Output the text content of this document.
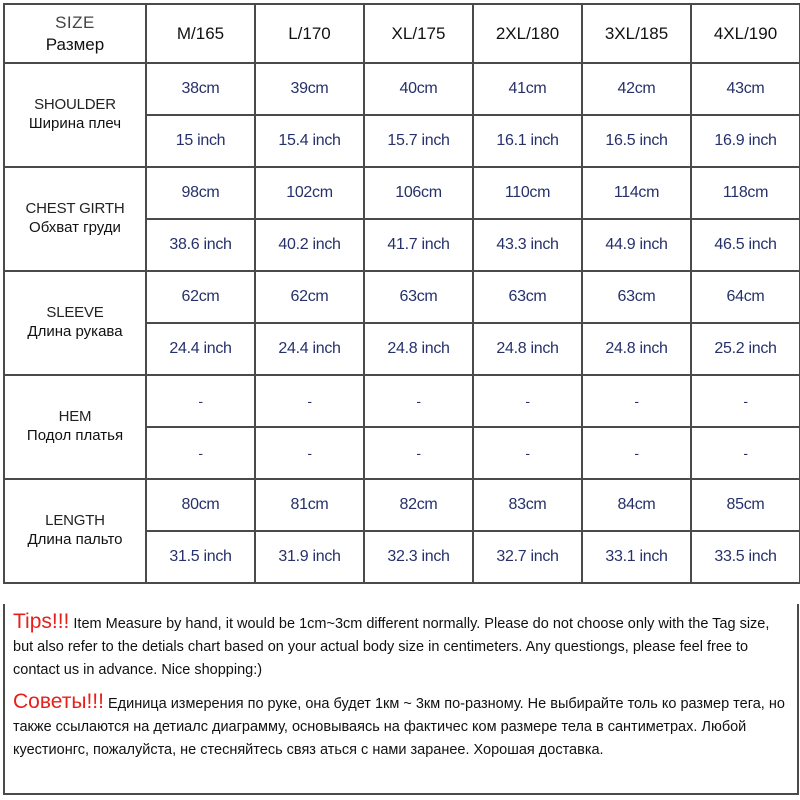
SIZE
Размер	M/165	L/170	XL/175	2XL/180	3XL/185	4XL/190

SHOULDER
Ширина плеч	38cm	39cm	40cm	41cm	42cm	43cm
	15 inch	15.4 inch	15.7 inch	16.1 inch	16.5 inch	16.9 inch

CHEST GIRTH
Обхват груди	98cm	102cm	106cm	110cm	114cm	118cm
	38.6 inch	40.2 inch	41.7 inch	43.3 inch	44.9 inch	46.5 inch

SLEEVE
Длина рукава	62cm	62cm	63cm	63cm	63cm	64cm
	24.4 inch	24.4 inch	24.8 inch	24.8 inch	24.8 inch	25.2 inch

HEM
Подол платья	-	-	-	-	-	-
	-	-	-	-	-	-

LENGTH
Длина пальто	80cm	81cm	82cm	83cm	84cm	85cm
	31.5 inch	31.9 inch	32.3 inch	32.7 inch	33.1 inch	33.5 inch
Tips!!! Item Measure by hand, it would be 1cm~3cm different normally. Please do not choose only with the Tag size, but also refer to the detials chart based on your actual body size in centimeters. Any questiongs, please feel free to contact us in advance. Nice shopping:)
Советы!!! Единица измерения по руке, она будет 1км ~ 3км по-разному. Не выбирайте толь ко размер тега, но также ссылаются на детиалс диаграмму, основываясь на фактичес ком размере тела в сантиметрах. Любой куестионгс, пожалуйста, не стесняйтесь связ аться с нами заранее. Хорошая доставка.
